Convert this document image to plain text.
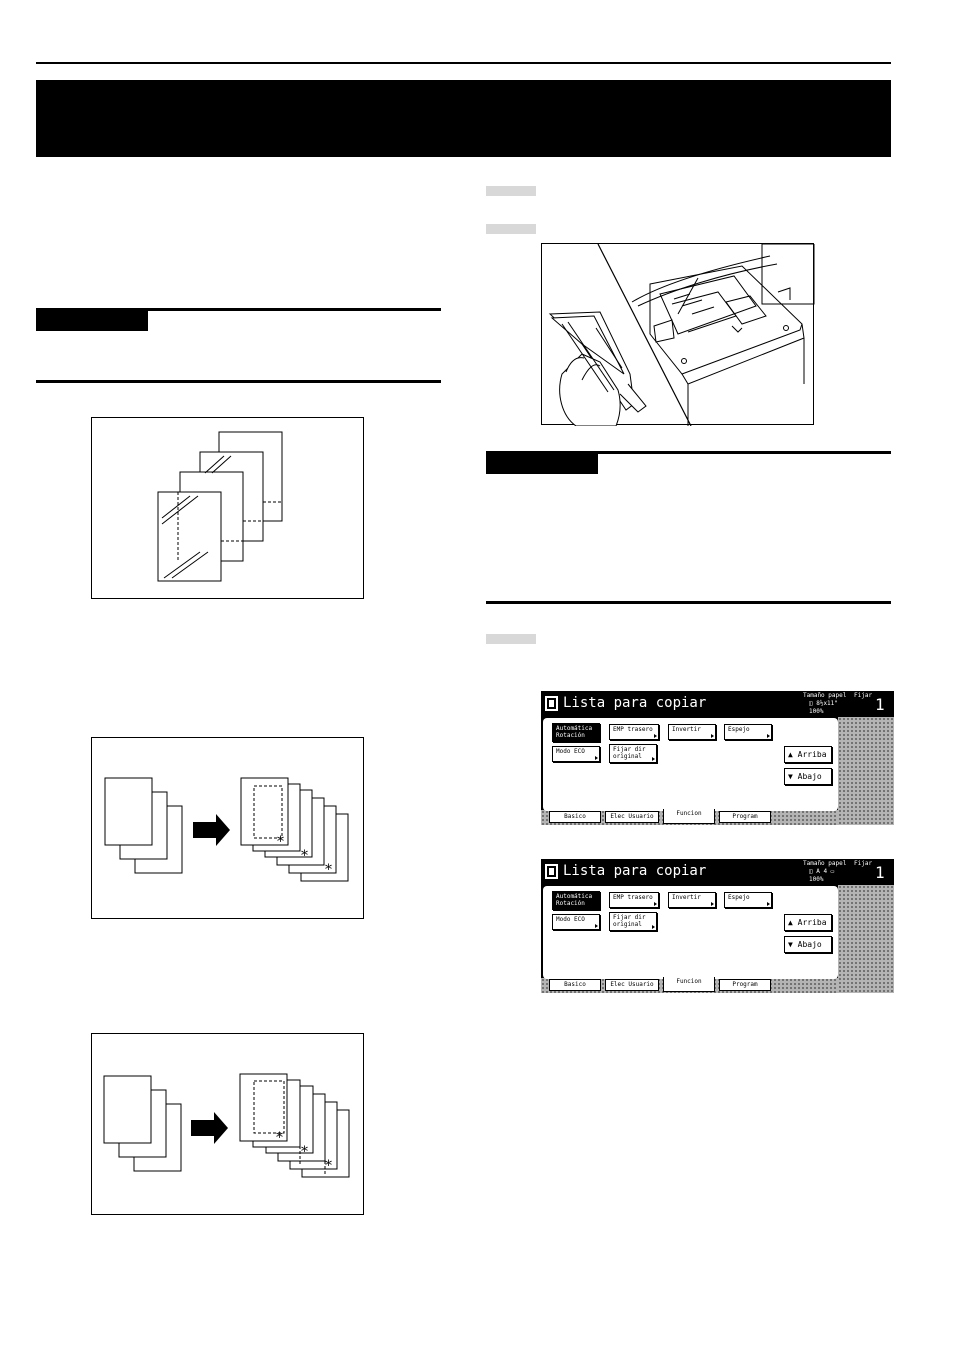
*
*
*
*
*
*
Lista para copiar	Tamaño papel
◫ 8½x11"
100%
Fijar 1
Automática
Rotación
EMP trasero	Invertir	Espejo
Modo ECO	Fijar dir
original	▲ Arriba
▼ Abajo
Basico	Elec Usuario	Funcion	Program
Lista para copiar	Tamaño papel
◫ A 4 ▭
100%
Fijar 1
Automática
Rotación
EMP trasero	Invertir	Espejo
Modo ECO	Fijar dir
original	▲ Arriba
▼ Abajo
Basico	Elec Usuario	Funcion	Program
